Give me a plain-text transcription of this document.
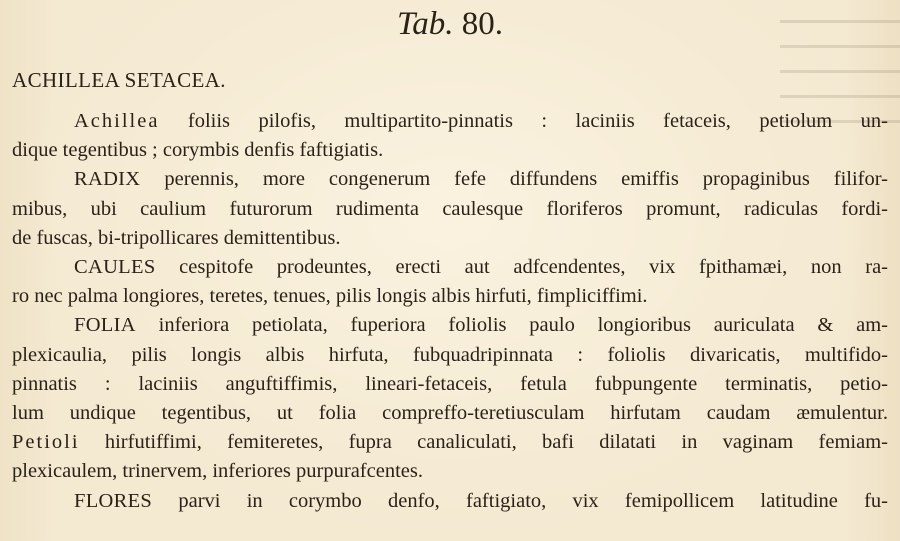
Tab. 80.
ACHILLEA SETACEA.
Achillea foliis pilofis, multipartito-pinnatis : laciniis fetaceis, petiolum un-
dique tegentibus ; corymbis denfis faftigiatis.
RADIX perennis, more congenerum fefe diffundens emiffis propaginibus filifor-
mibus, ubi caulium futurorum rudimenta caulesque floriferos promunt, radiculas fordi-
de fuscas, bi-tripollicares demittentibus.
CAULES cespitofe prodeuntes, erecti aut adfcendentes, vix fpithamæi, non ra-
ro nec palma longiores, teretes, tenues, pilis longis albis hirfuti, fimpliciffimi.
FOLIA inferiora petiolata, fuperiora foliolis paulo longioribus auriculata & am-
plexicaulia, pilis longis albis hirfuta, fubquadripinnata : foliolis divaricatis, multifido-
pinnatis : laciniis anguftiffimis, lineari-fetaceis, fetula fubpungente terminatis, petio-
lum undique tegentibus, ut folia compreffo-teretiusculam hirfutam caudam æmulentur.
Petioli hirfutiffimi, femiteretes, fupra canaliculati, bafi dilatati in vaginam femiam-
plexicaulem, trinervem, inferiores purpurafcentes.
FLORES parvi in corymbo denfo, faftigiato, vix femipollicem latitudine fu-
